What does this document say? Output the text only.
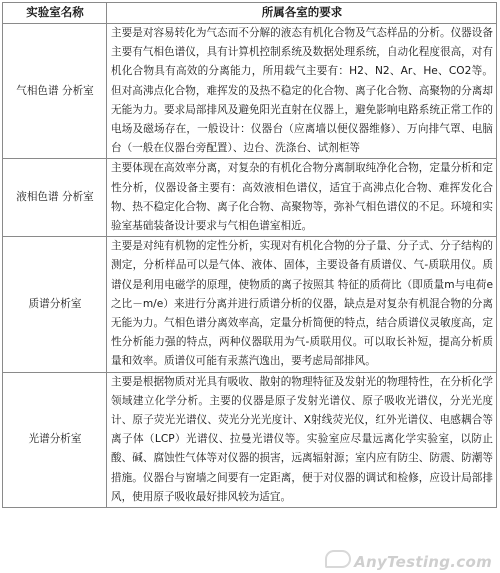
实验室名称	所属各室的要求
气相色谱 分析室	主要是对容易转化为气态而不分解的液态有机化合物及气态样品的分析。仪器设备主要有气相色谱仪，具有计算机控制系统及数据处理系统，自动化程度很高，对有机化合物具有高效的分离能力，所用载气主要有：H2、N2、Ar、He、CO2等。但对高沸点化合物，难挥发的及热不稳定的化合物、离子化合物、高聚物的分离却无能为力。要求局部排风及避免阳光直射在仪器上，避免影响电路系统正常工作的电场及磁场存在，一般设计：仪器台（应离墙以便仪器维修）、万向排气罩、电脑台（一般在仪器台旁配置）、边台、洗涤台、试剂柜等
液相色谱 分析室	主要体现在高效率分离，对复杂的有机化合物分离制取纯净化合物，定量分析和定性分析，仪器设备主要有：高效液相色谱仪，适宜于高沸点化合物、难挥发化合物、热不稳定化合物、离子化合物、高聚物等，弥补气相色谱仪的不足。环境和实验室基础装备设计要求与气相色谱室相近。
质谱分析室	主要是对纯有机物的定性分析，实现对有机化合物的分子量、分子式、分子结构的测定，分析样品可以是气体、液体、固体，主要设备有质谱仪、气-质联用仪。质谱仪是利用电磁学的原理，使物质的离子按照其 特征的质荷比（即质量m与电荷e之比－m/e）来进行分离并进行质谱分析的仪器，缺点是对复杂有机混合物的分离无能为力。气相色谱分离效率高，定量分析简便的特点，结合质谱仪灵敏度高，定性分析能力强的特点，两种仪器联用为气-质联用仪。可以取长补短，提高分析质量和效率。质谱仪可能有汞蒸汽逸出，要考虑局部排风。
光谱分析室	主要是根据物质对光具有吸收、散射的物理特征及发射光的物理特性，在分析化学领域建立化学分析。主要的仪器是原子发射光谱仪、原子吸收光谱仪，分光光度计、原子荧光光谱仪、荧光分光光度计、X射线荧光仪，红外光谱仪、电感耦合等离子体（LCP）光谱仪、拉曼光谱仪等。实验室应尽量远离化学实验室，以防止酸、碱、腐蚀性气体等对仪器的损害，远离辐射源；室内应有防尘、防震、防潮等措施。仪器台与窗墙之间要有一定距离，便于对仪器的调试和检修，应设计局部排风，使用原子吸收最好排风较为适宜。
AnyTesting.com
